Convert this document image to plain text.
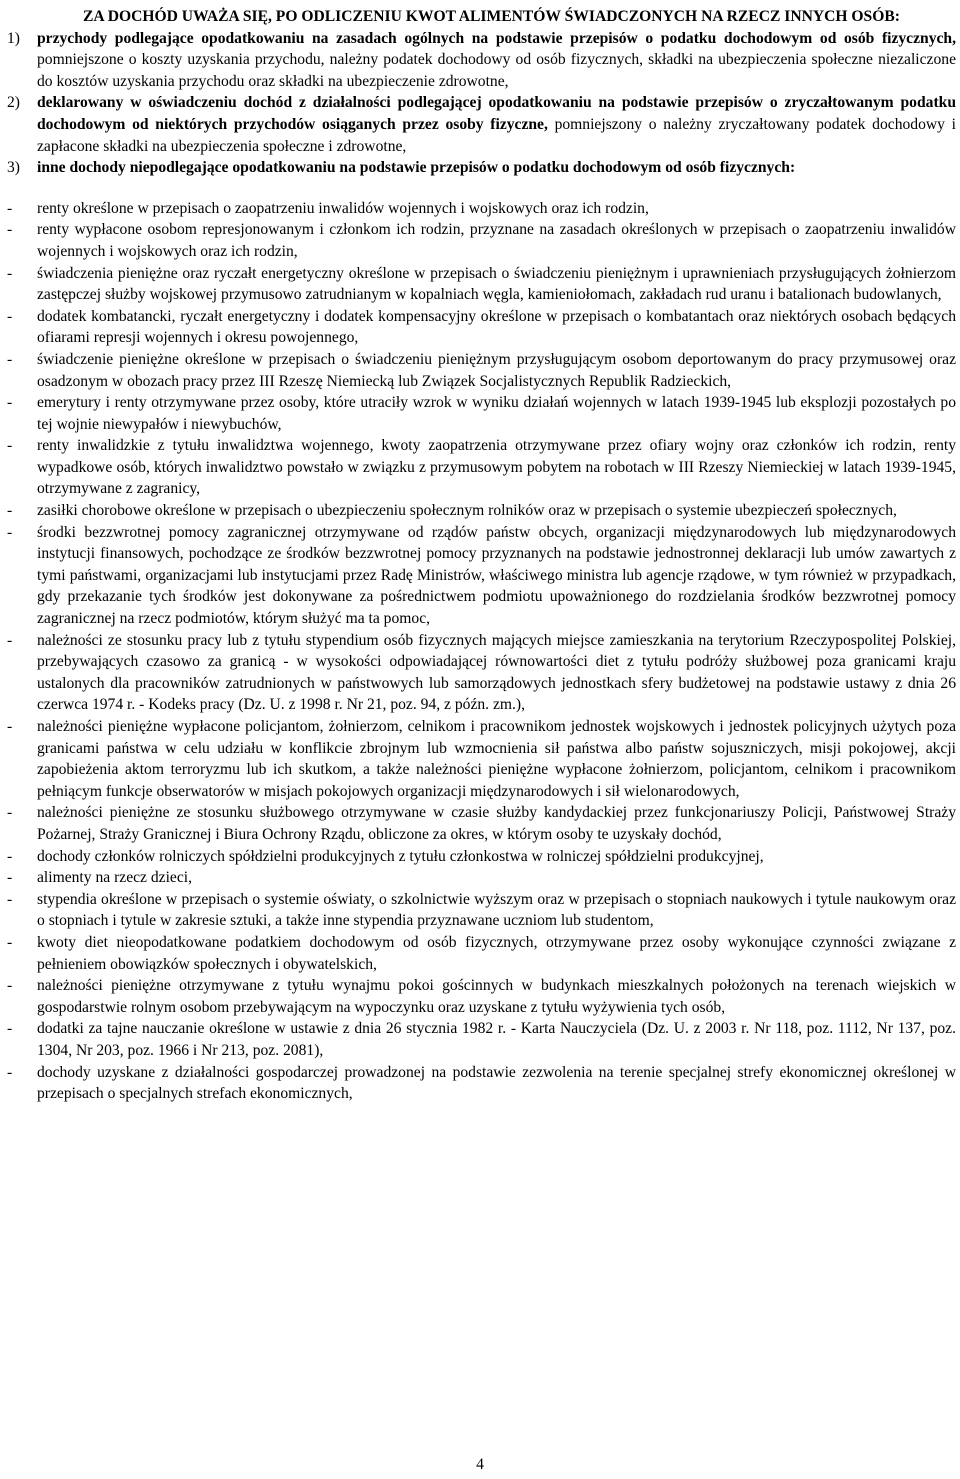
ZA DOCHÓD UWAŻA SIĘ, PO ODLICZENIU KWOT ALIMENTÓW ŚWIADCZONYCH NA RZECZ INNYCH OSÓB:

1)	przychody podlegające opodatkowaniu na zasadach ogólnych na podstawie przepisów o podatku dochodowym od osób fizycznych, pomniejszone o koszty uzyskania przychodu, należny podatek dochodowy od osób fizycznych, składki na ubezpieczenia społeczne niezaliczone do kosztów uzyskania przychodu oraz składki na ubezpieczenie zdrowotne,
2)	deklarowany w oświadczeniu dochód z działalności podlegającej opodatkowaniu na podstawie przepisów o zryczałtowanym podatku dochodowym od niektórych przychodów osiąganych przez osoby fizyczne, pomniejszony o należny zryczałtowany podatek dochodowy i zapłacone składki na ubezpieczenia społeczne i zdrowotne,
3)	inne dochody niepodlegające opodatkowaniu na podstawie przepisów o podatku dochodowym od osób fizycznych:
-	renty określone w przepisach o zaopatrzeniu inwalidów wojennych i wojskowych oraz ich rodzin,
-	renty wypłacone osobom represjonowanym i członkom ich rodzin, przyznane na zasadach określonych w przepisach o zaopatrzeniu inwalidów wojennych i wojskowych oraz ich rodzin,
-	świadczenia pieniężne oraz ryczałt energetyczny określone w przepisach o świadczeniu pieniężnym i uprawnieniach przysługujących żołnierzom zastępczej służby wojskowej przymusowo zatrudnianym w kopalniach węgla, kamieniołomach, zakładach rud uranu i batalionach budowlanych,
-	dodatek kombatancki, ryczałt energetyczny i dodatek kompensacyjny określone w przepisach o kombatantach oraz niektórych osobach będących ofiarami represji wojennych i okresu powojennego,
-	świadczenie pieniężne określone w przepisach o świadczeniu pieniężnym przysługującym osobom deportowanym do pracy przymusowej oraz osadzonym w obozach pracy przez III Rzeszę Niemiecką lub Związek Socjalistycznych Republik Radzieckich,
-	emerytury i renty otrzymywane przez osoby, które utraciły wzrok w wyniku działań wojennych w latach 1939-1945 lub eksplozji pozostałych po tej wojnie niewypałów i niewybuchów,
-	renty inwalidzkie z tytułu inwalidztwa wojennego, kwoty zaopatrzenia otrzymywane przez ofiary wojny oraz członków ich rodzin, renty wypadkowe osób, których inwalidztwo powstało w związku z przymusowym pobytem na robotach w III Rzeszy Niemieckiej w latach 1939-1945, otrzymywane z zagranicy,
-	zasiłki chorobowe określone w przepisach o ubezpieczeniu społecznym rolników oraz w przepisach o systemie ubezpieczeń społecznych,
-	środki bezzwrotnej pomocy zagranicznej otrzymywane od rządów państw obcych, organizacji międzynarodowych lub międzynarodowych instytucji finansowych, pochodzące ze środków bezzwrotnej pomocy przyznanych na podstawie jednostronnej deklaracji lub umów zawartych z tymi państwami, organizacjami lub instytucjami przez Radę Ministrów, właściwego ministra lub agencje rządowe, w tym również w przypadkach, gdy przekazanie tych środków jest dokonywane za pośrednictwem podmiotu upoważnionego do rozdzielania środków bezzwrotnej pomocy zagranicznej na rzecz podmiotów, którym służyć ma ta pomoc,
-	należności ze stosunku pracy lub z tytułu stypendium osób fizycznych mających miejsce zamieszkania na terytorium Rzeczypospolitej Polskiej, przebywających czasowo za granicą - w wysokości odpowiadającej równowartości diet z tytułu podróży służbowej poza granicami kraju ustalonych dla pracowników zatrudnionych w państwowych lub samorządowych jednostkach sfery budżetowej na podstawie ustawy z dnia 26 czerwca 1974 r. - Kodeks pracy (Dz. U. z 1998 r. Nr 21, poz. 94, z późn. zm.),
-	należności pieniężne wypłacone policjantom, żołnierzom, celnikom i pracownikom jednostek wojskowych i jednostek policyjnych użytych poza granicami państwa w celu udziału w konflikcie zbrojnym lub wzmocnienia sił państwa albo państw sojuszniczych, misji pokojowej, akcji zapobieżenia aktom terroryzmu lub ich skutkom, a także należności pieniężne wypłacone żołnierzom, policjantom, celnikom i pracownikom pełniącym funkcje obserwatorów w misjach pokojowych organizacji międzynarodowych i sił wielonarodowych,
-	należności pieniężne ze stosunku służbowego otrzymywane w czasie służby kandydackiej przez funkcjonariuszy Policji, Państwowej Straży Pożarnej, Straży Granicznej i Biura Ochrony Rządu, obliczone za okres, w którym osoby te uzyskały dochód,
-	dochody członków rolniczych spółdzielni produkcyjnych z tytułu członkostwa w rolniczej spółdzielni produkcyjnej,
-	alimenty na rzecz dzieci,
-	stypendia określone w przepisach o systemie oświaty, o szkolnictwie wyższym oraz w przepisach o stopniach naukowych i tytule naukowym oraz o stopniach i tytule w zakresie sztuki, a także inne stypendia przyznawane uczniom lub studentom,
-	kwoty diet nieopodatkowane podatkiem dochodowym od osób fizycznych, otrzymywane przez osoby wykonujące czynności związane z pełnieniem obowiązków społecznych i obywatelskich,
-	należności pieniężne otrzymywane z tytułu wynajmu pokoi gościnnych w budynkach mieszkalnych położonych na terenach wiejskich w gospodarstwie rolnym osobom przebywającym na wypoczynku oraz uzyskane z tytułu wyżywienia tych osób,
-	dodatki za tajne nauczanie określone w ustawie z dnia 26 stycznia 1982 r. - Karta Nauczyciela (Dz. U. z 2003 r. Nr 118, poz. 1112, Nr 137, poz. 1304, Nr 203, poz. 1966 i Nr 213, poz. 2081),
-	dochody uzyskane z działalności gospodarczej prowadzonej na podstawie zezwolenia na terenie specjalnej strefy ekonomicznej określonej w przepisach o specjalnych strefach ekonomicznych,
4
